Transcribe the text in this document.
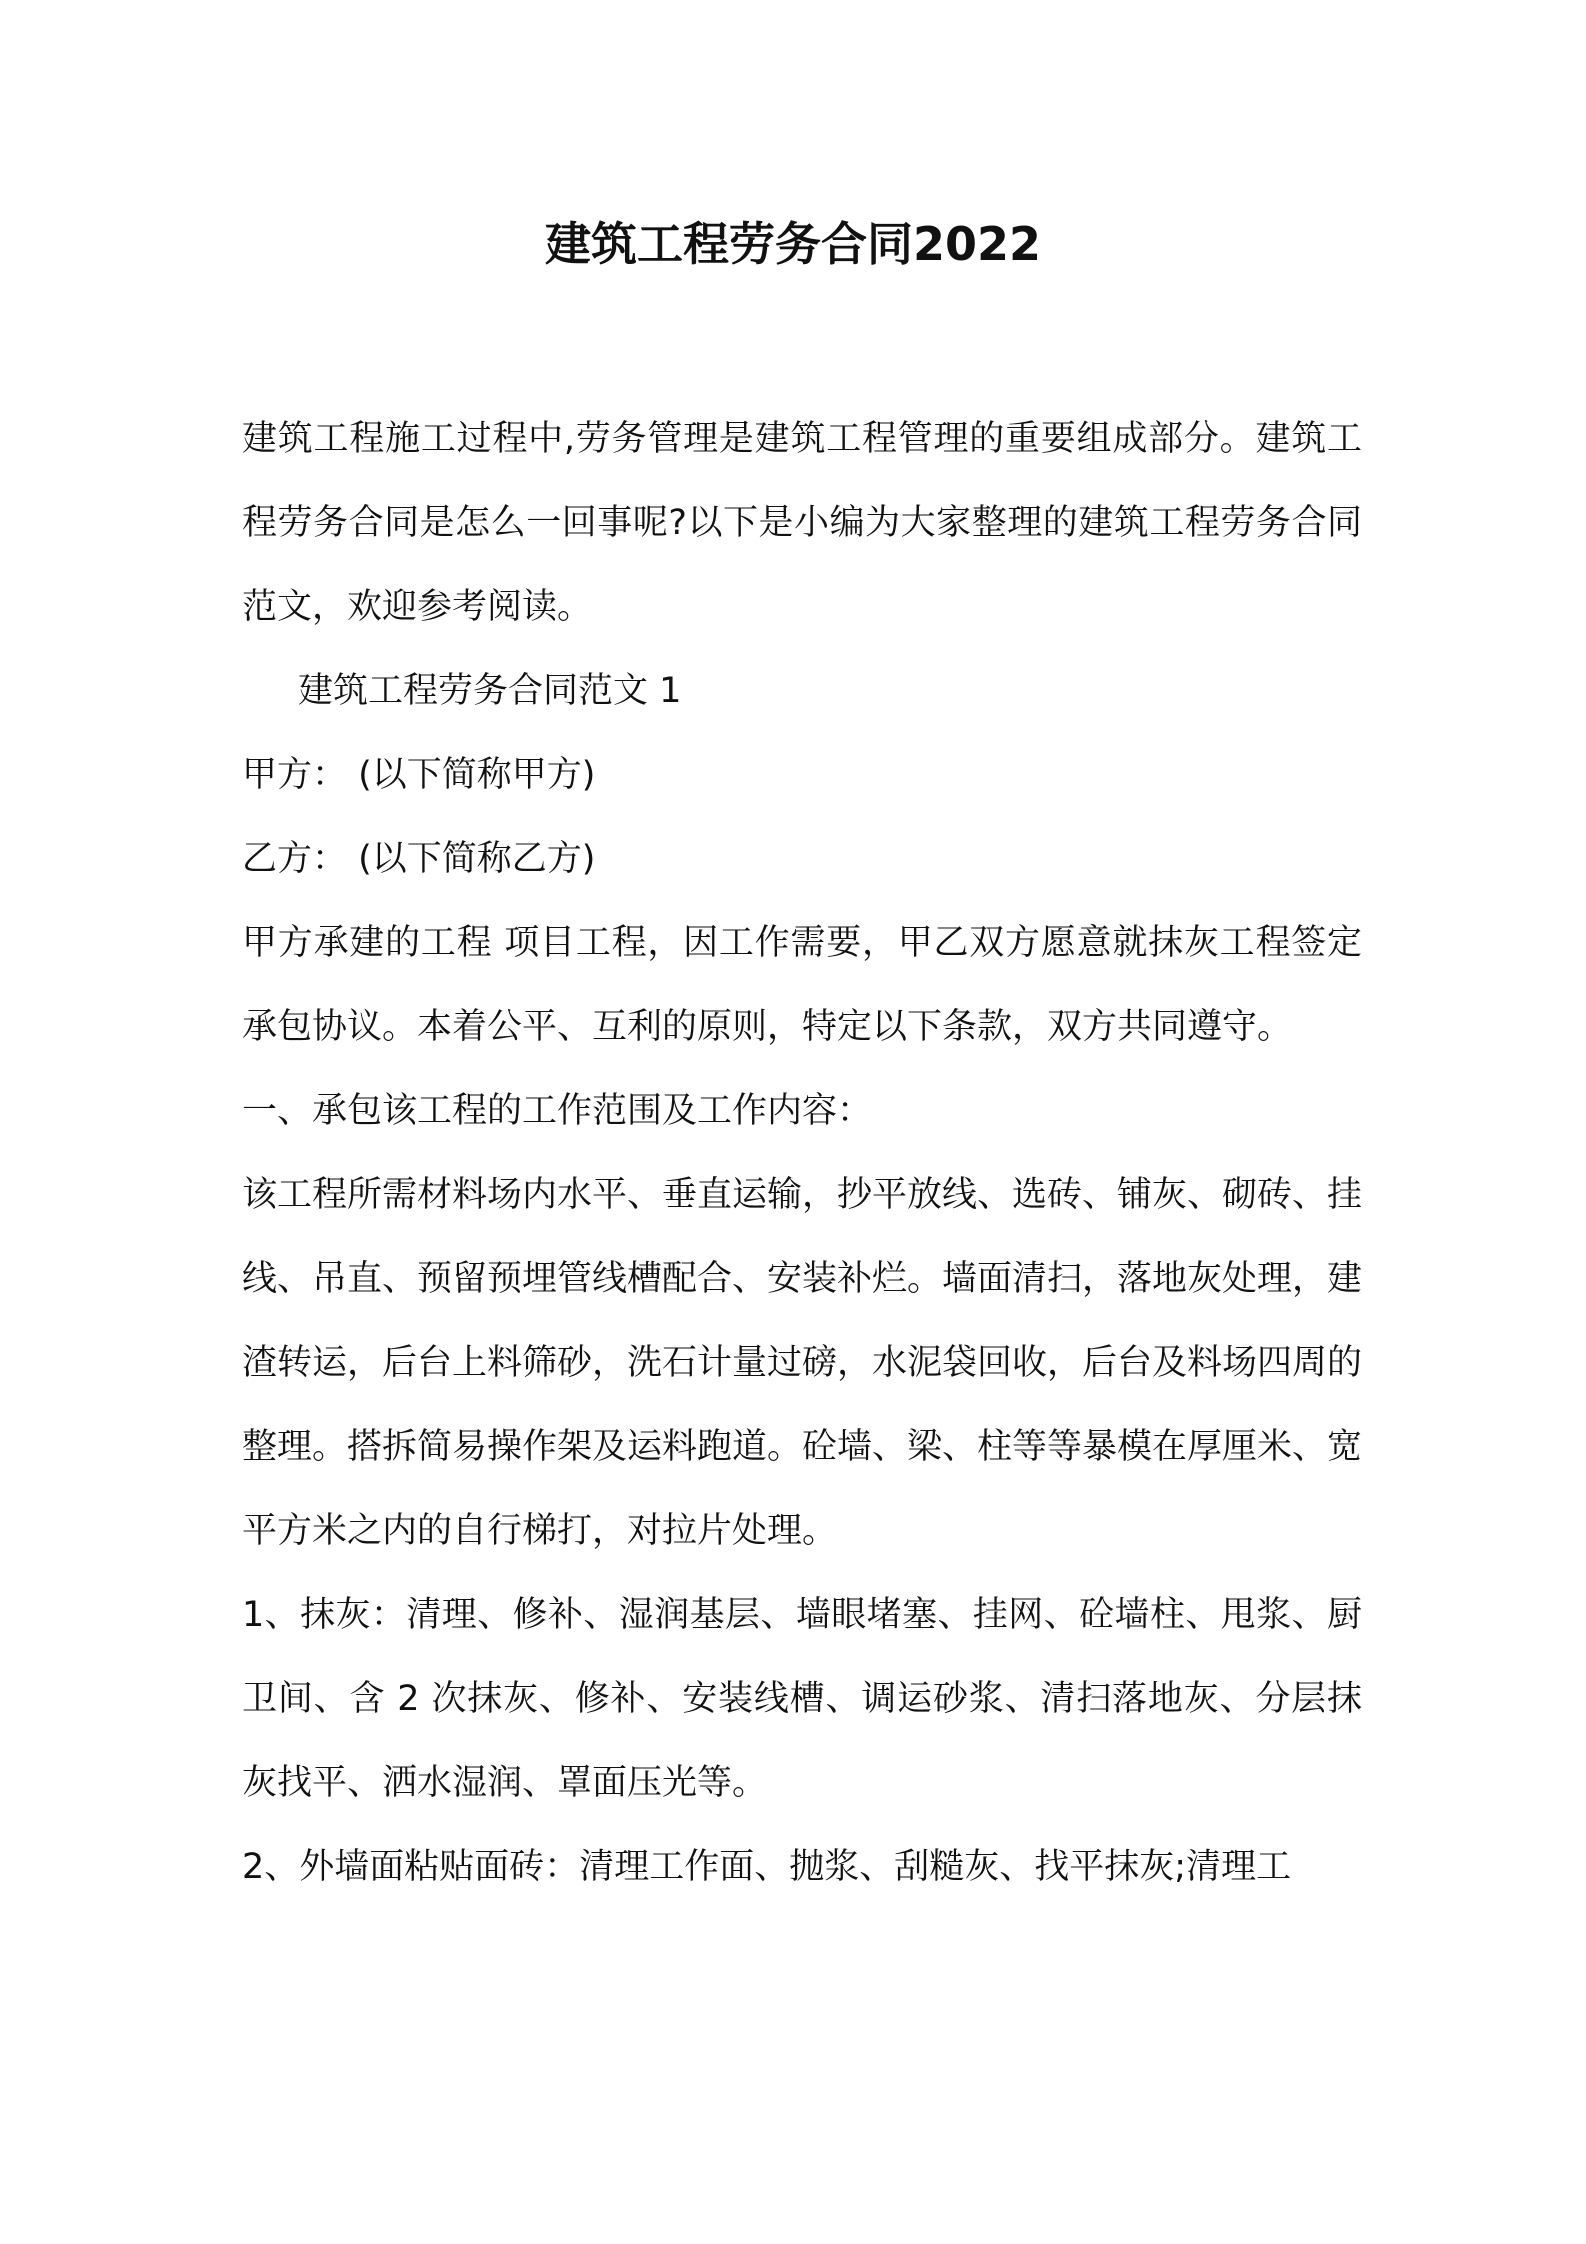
建筑工程劳务合同2022

建筑工程施工过程中,劳务管理是建筑工程管理的重要组成部分。建筑工程劳务合同是怎么一回事呢?以下是小编为大家整理的建筑工程劳务合同范文，欢迎参考阅读。

建筑工程劳务合同范文 1

甲方： (以下简称甲方)

乙方： (以下简称乙方)

甲方承建的工程 项目工程，因工作需要，甲乙双方愿意就抹灰工程签定承包协议。本着公平、互利的原则，特定以下条款，双方共同遵守。

一、承包该工程的工作范围及工作内容：

该工程所需材料场内水平、垂直运输，抄平放线、选砖、铺灰、砌砖、挂线、吊直、预留预埋管线槽配合、安装补烂。墙面清扫，落地灰处理，建渣转运，后台上料筛砂，洗石计量过磅，水泥袋回收，后台及料场四周的整理。搭拆简易操作架及运料跑道。砼墙、梁、柱等等暴模在厚厘米、宽平方米之内的自行梯打，对拉片处理。

1、抹灰：清理、修补、湿润基层、墙眼堵塞、挂网、砼墙柱、甩浆、厨卫间、含 2 次抹灰、修补、安装线槽、调运砂浆、清扫落地灰、分层抹灰找平、洒水湿润、罩面压光等。

2、外墙面粘贴面砖：清理工作面、抛浆、刮糙灰、找平抹灰;清理工
